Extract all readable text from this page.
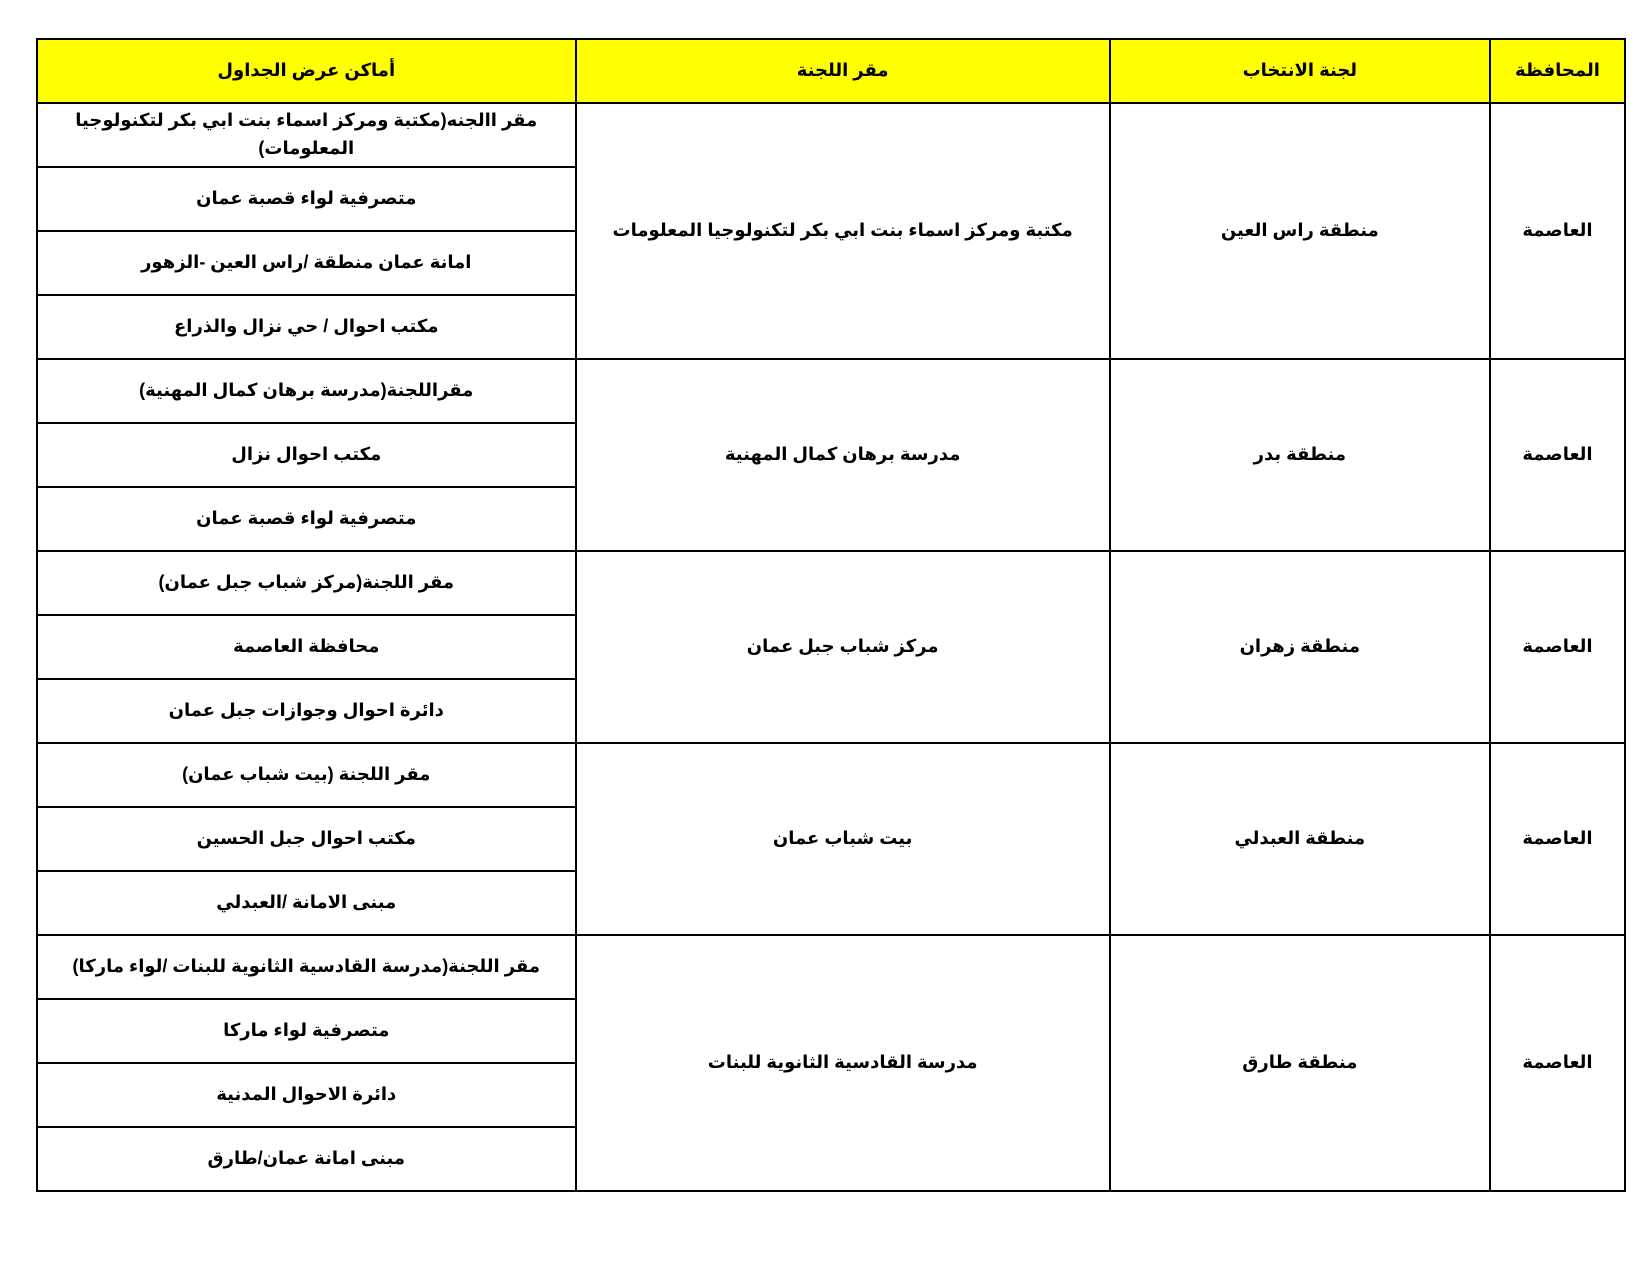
المحافظة	لجنة الانتخاب	مقر اللجنة	أماكن عرض الجداول
العاصمة	منطقة راس العين	مكتبة ومركز اسماء بنت ابي بكر لتكنولوجيا المعلومات	مقر االجنه(مكتبة ومركز اسماء بنت ابي بكر لتكنولوجيا المعلومات)
			متصرفية لواء قصبة عمان
			امانة عمان منطقة /راس العين -الزهور
			مكتب احوال / حي نزال والذراع
العاصمة	منطقة بدر	مدرسة برهان كمال المهنية	مقراللجنة(مدرسة برهان كمال المهنية)
			مكتب احوال نزال
			متصرفية لواء قصبة عمان
العاصمة	منطقة زهران	مركز شباب جبل عمان	مقر اللجنة(مركز شباب جبل عمان)
			محافظة العاصمة
			دائرة احوال وجوازات جبل عمان
العاصمة	منطقة العبدلي	بيت شباب عمان	مقر اللجنة (بيت شباب عمان)
			مكتب احوال جبل الحسين
			مبنى الامانة /العبدلي
العاصمة	منطقة طارق	مدرسة القادسية الثانوية للبنات	مقر اللجنة(مدرسة القادسية الثانوية للبنات /لواء ماركا)
			متصرفية لواء ماركا
			دائرة الاحوال المدنية
			مبنى امانة عمان/طارق
